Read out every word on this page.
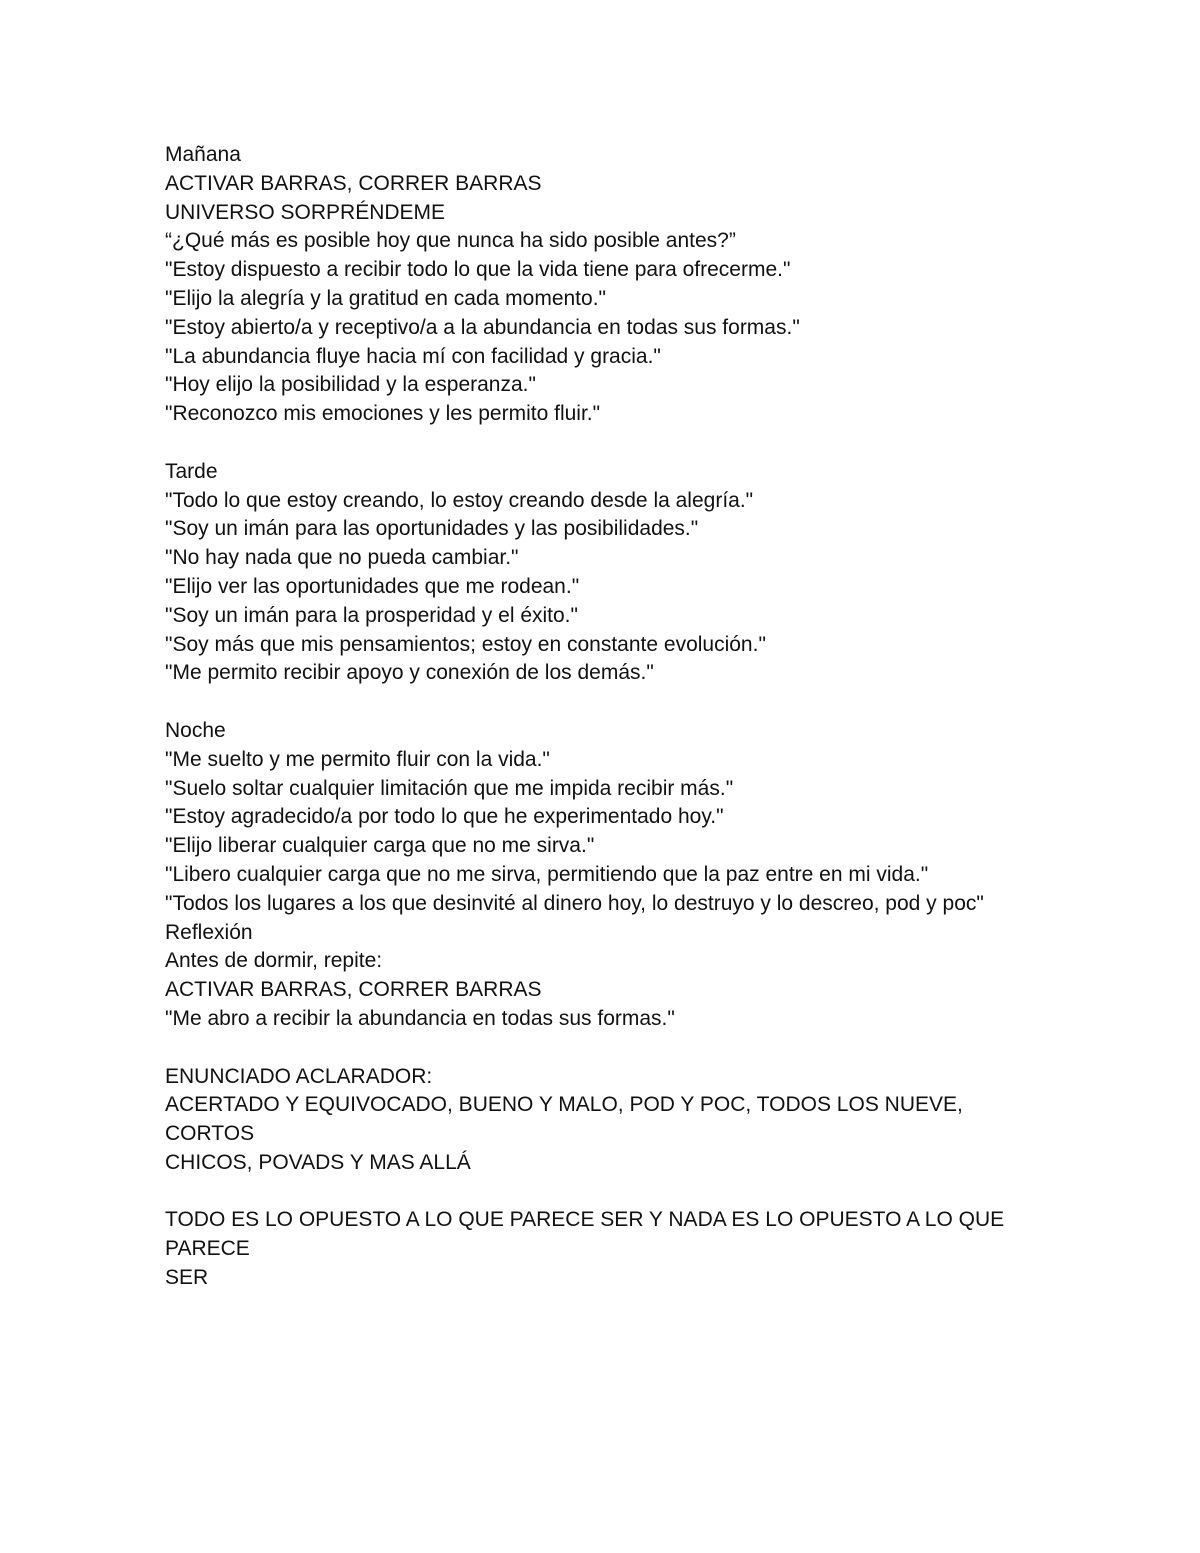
Mañana
ACTIVAR BARRAS, CORRER BARRAS
UNIVERSO SORPRÉNDEME
“¿Qué más es posible hoy que nunca ha sido posible antes?”
"Estoy dispuesto a recibir todo lo que la vida tiene para ofrecerme."
"Elijo la alegría y la gratitud en cada momento."
"Estoy abierto/a y receptivo/a a la abundancia en todas sus formas."
"La abundancia fluye hacia mí con facilidad y gracia."
"Hoy elijo la posibilidad y la esperanza."
"Reconozco mis emociones y les permito fluir."
Tarde
"Todo lo que estoy creando, lo estoy creando desde la alegría."
"Soy un imán para las oportunidades y las posibilidades."
"No hay nada que no pueda cambiar."
"Elijo ver las oportunidades que me rodean."
"Soy un imán para la prosperidad y el éxito."
"Soy más que mis pensamientos; estoy en constante evolución."
"Me permito recibir apoyo y conexión de los demás."
Noche
"Me suelto y me permito fluir con la vida."
"Suelo soltar cualquier limitación que me impida recibir más."
"Estoy agradecido/a por todo lo que he experimentado hoy."
"Elijo liberar cualquier carga que no me sirva."
"Libero cualquier carga que no me sirva, permitiendo que la paz entre en mi vida."
"Todos los lugares a los que desinvité al dinero hoy, lo destruyo y lo descreo, pod y poc"
Reflexión
Antes de dormir, repite:
ACTIVAR BARRAS, CORRER BARRAS
"Me abro a recibir la abundancia en todas sus formas."
ENUNCIADO ACLARADOR:
ACERTADO Y EQUIVOCADO, BUENO Y MALO, POD Y POC, TODOS LOS NUEVE, CORTOS
CHICOS, POVADS Y MAS ALLÁ
TODO ES LO OPUESTO A LO QUE PARECE SER Y NADA ES LO OPUESTO A LO QUE PARECE
SER
